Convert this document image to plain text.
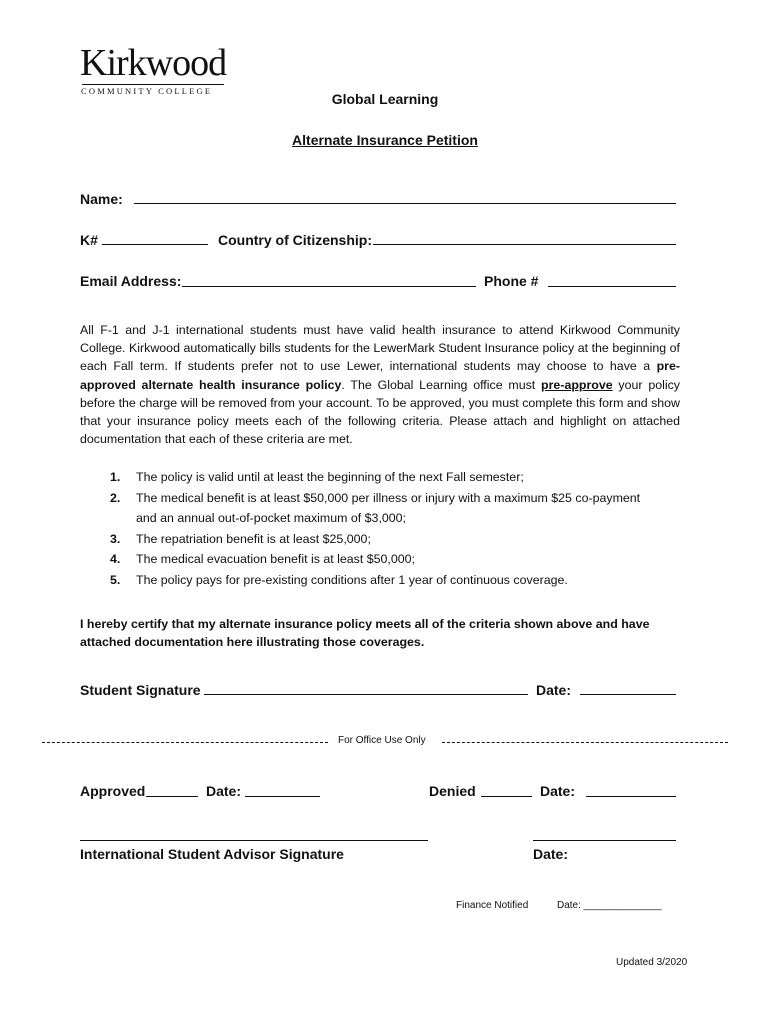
Kirkwood
COMMUNITY COLLEGE	Global Learning
Alternate Insurance Petition
Name:
K#	Country of Citizenship:
Email Address:	Phone #
All F-1 and J-1 international students must have valid health insurance to attend Kirkwood Community College. Kirkwood automatically bills students for the LewerMark Student Insurance policy at the beginning of each Fall term. If students prefer not to use Lewer, international students may choose to have a pre-approved alternate health insurance policy. The Global Learning office must pre-approve your policy before the charge will be removed from your account. To be approved, you must complete this form and show that your insurance policy meets each of the following criteria. Please attach and highlight on attached documentation that each of these criteria are met.
1. The policy is valid until at least the beginning of the next Fall semester;
2. The medical benefit is at least $50,000 per illness or injury with a maximum $25 co-payment
and an annual out-of-pocket maximum of $3,000;
3. The repatriation benefit is at least $25,000;
4. The medical evacuation benefit is at least $50,000;
5. The policy pays for pre-existing conditions after 1 year of continuous coverage.
I hereby certify that my alternate insurance policy meets all of the criteria shown above and have attached documentation here illustrating those coverages.
Student Signature	Date:
For Office Use Only
Approved	Date:	Denied	Date:
International Student Advisor Signature	Date:
Finance Notified	Date: ______________
Updated 3/2020
